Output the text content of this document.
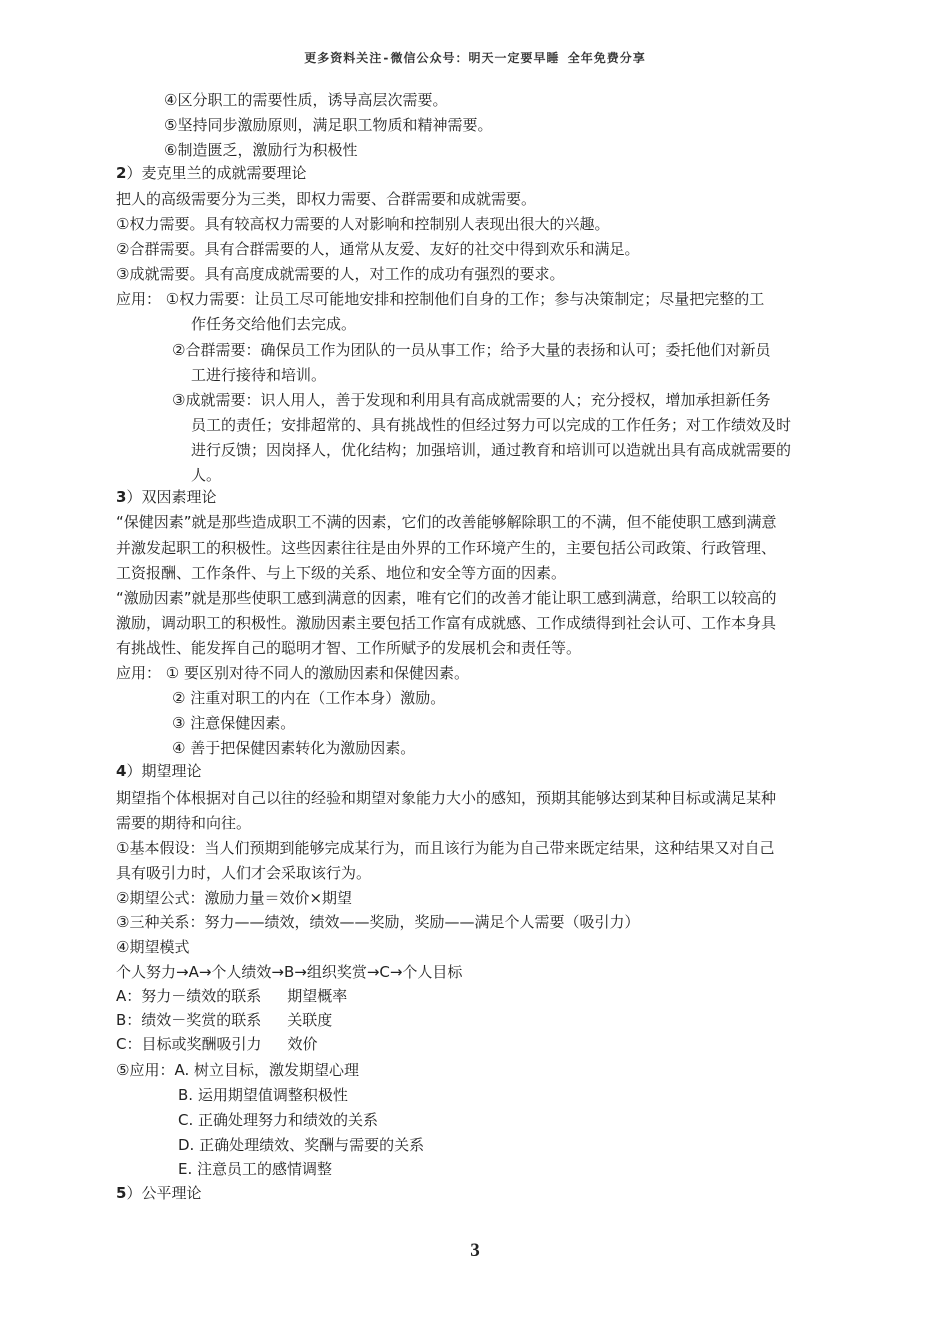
更多资料关注-微信公众号：明天一定要早睡 全年免费分享
④区分职工的需要性质，诱导高层次需要。
⑤坚持同步激励原则，满足职工物质和精神需要。
⑥制造匮乏，激励行为积极性
2）麦克里兰的成就需要理论
把人的高级需要分为三类，即权力需要、合群需要和成就需要。
①权力需要。具有较高权力需要的人对影响和控制别人表现出很大的兴趣。
②合群需要。具有合群需要的人，通常从友爱、友好的社交中得到欢乐和满足。
③成就需要。具有高度成就需要的人，对工作的成功有强烈的要求。
应用： ①权力需要：让员工尽可能地安排和控制他们自身的工作；参与决策制定；尽量把完整的工
作任务交给他们去完成。
②合群需要：确保员工作为团队的一员从事工作；给予大量的表扬和认可；委托他们对新员
工进行接待和培训。
③成就需要：识人用人，善于发现和利用具有高成就需要的人；充分授权，增加承担新任务
员工的责任；安排超常的、具有挑战性的但经过努力可以完成的工作任务；对工作绩效及时
进行反馈；因岗择人，优化结构；加强培训，通过教育和培训可以造就出具有高成就需要的
人。
3）双因素理论
“保健因素”就是那些造成职工不满的因素，它们的改善能够解除职工的不满，但不能使职工感到满意
并激发起职工的积极性。这些因素往往是由外界的工作环境产生的，主要包括公司政策、行政管理、
工资报酬、工作条件、与上下级的关系、地位和安全等方面的因素。
“激励因素”就是那些使职工感到满意的因素，唯有它们的改善才能让职工感到满意，给职工以较高的
激励，调动职工的积极性。激励因素主要包括工作富有成就感、工作成绩得到社会认可、工作本身具
有挑战性、能发挥自己的聪明才智、工作所赋予的发展机会和责任等。
应用： ① 要区别对待不同人的激励因素和保健因素。
② 注重对职工的内在（工作本身）激励。
③ 注意保健因素。
④ 善于把保健因素转化为激励因素。
4）期望理论
期望指个体根据对自己以往的经验和期望对象能力大小的感知，预期其能够达到某种目标或满足某种
需要的期待和向往。
①基本假设：当人们预期到能够完成某行为，而且该行为能为自己带来既定结果，这种结果又对自己
具有吸引力时，人们才会采取该行为。
②期望公式：激励力量＝效价×期望
③三种关系：努力——绩效，绩效——奖励，奖励——满足个人需要（吸引力）
④期望模式
个人努力→A→个人绩效→B→组织奖赏→C→个人目标
A：努力－绩效的联系 期望概率
B：绩效－奖赏的联系 关联度
C：目标或奖酬吸引力 效价
⑤应用：A. 树立目标，激发期望心理
B. 运用期望值调整积极性
C. 正确处理努力和绩效的关系
D. 正确处理绩效、奖酬与需要的关系
E. 注意员工的感情调整
5）公平理论
3
